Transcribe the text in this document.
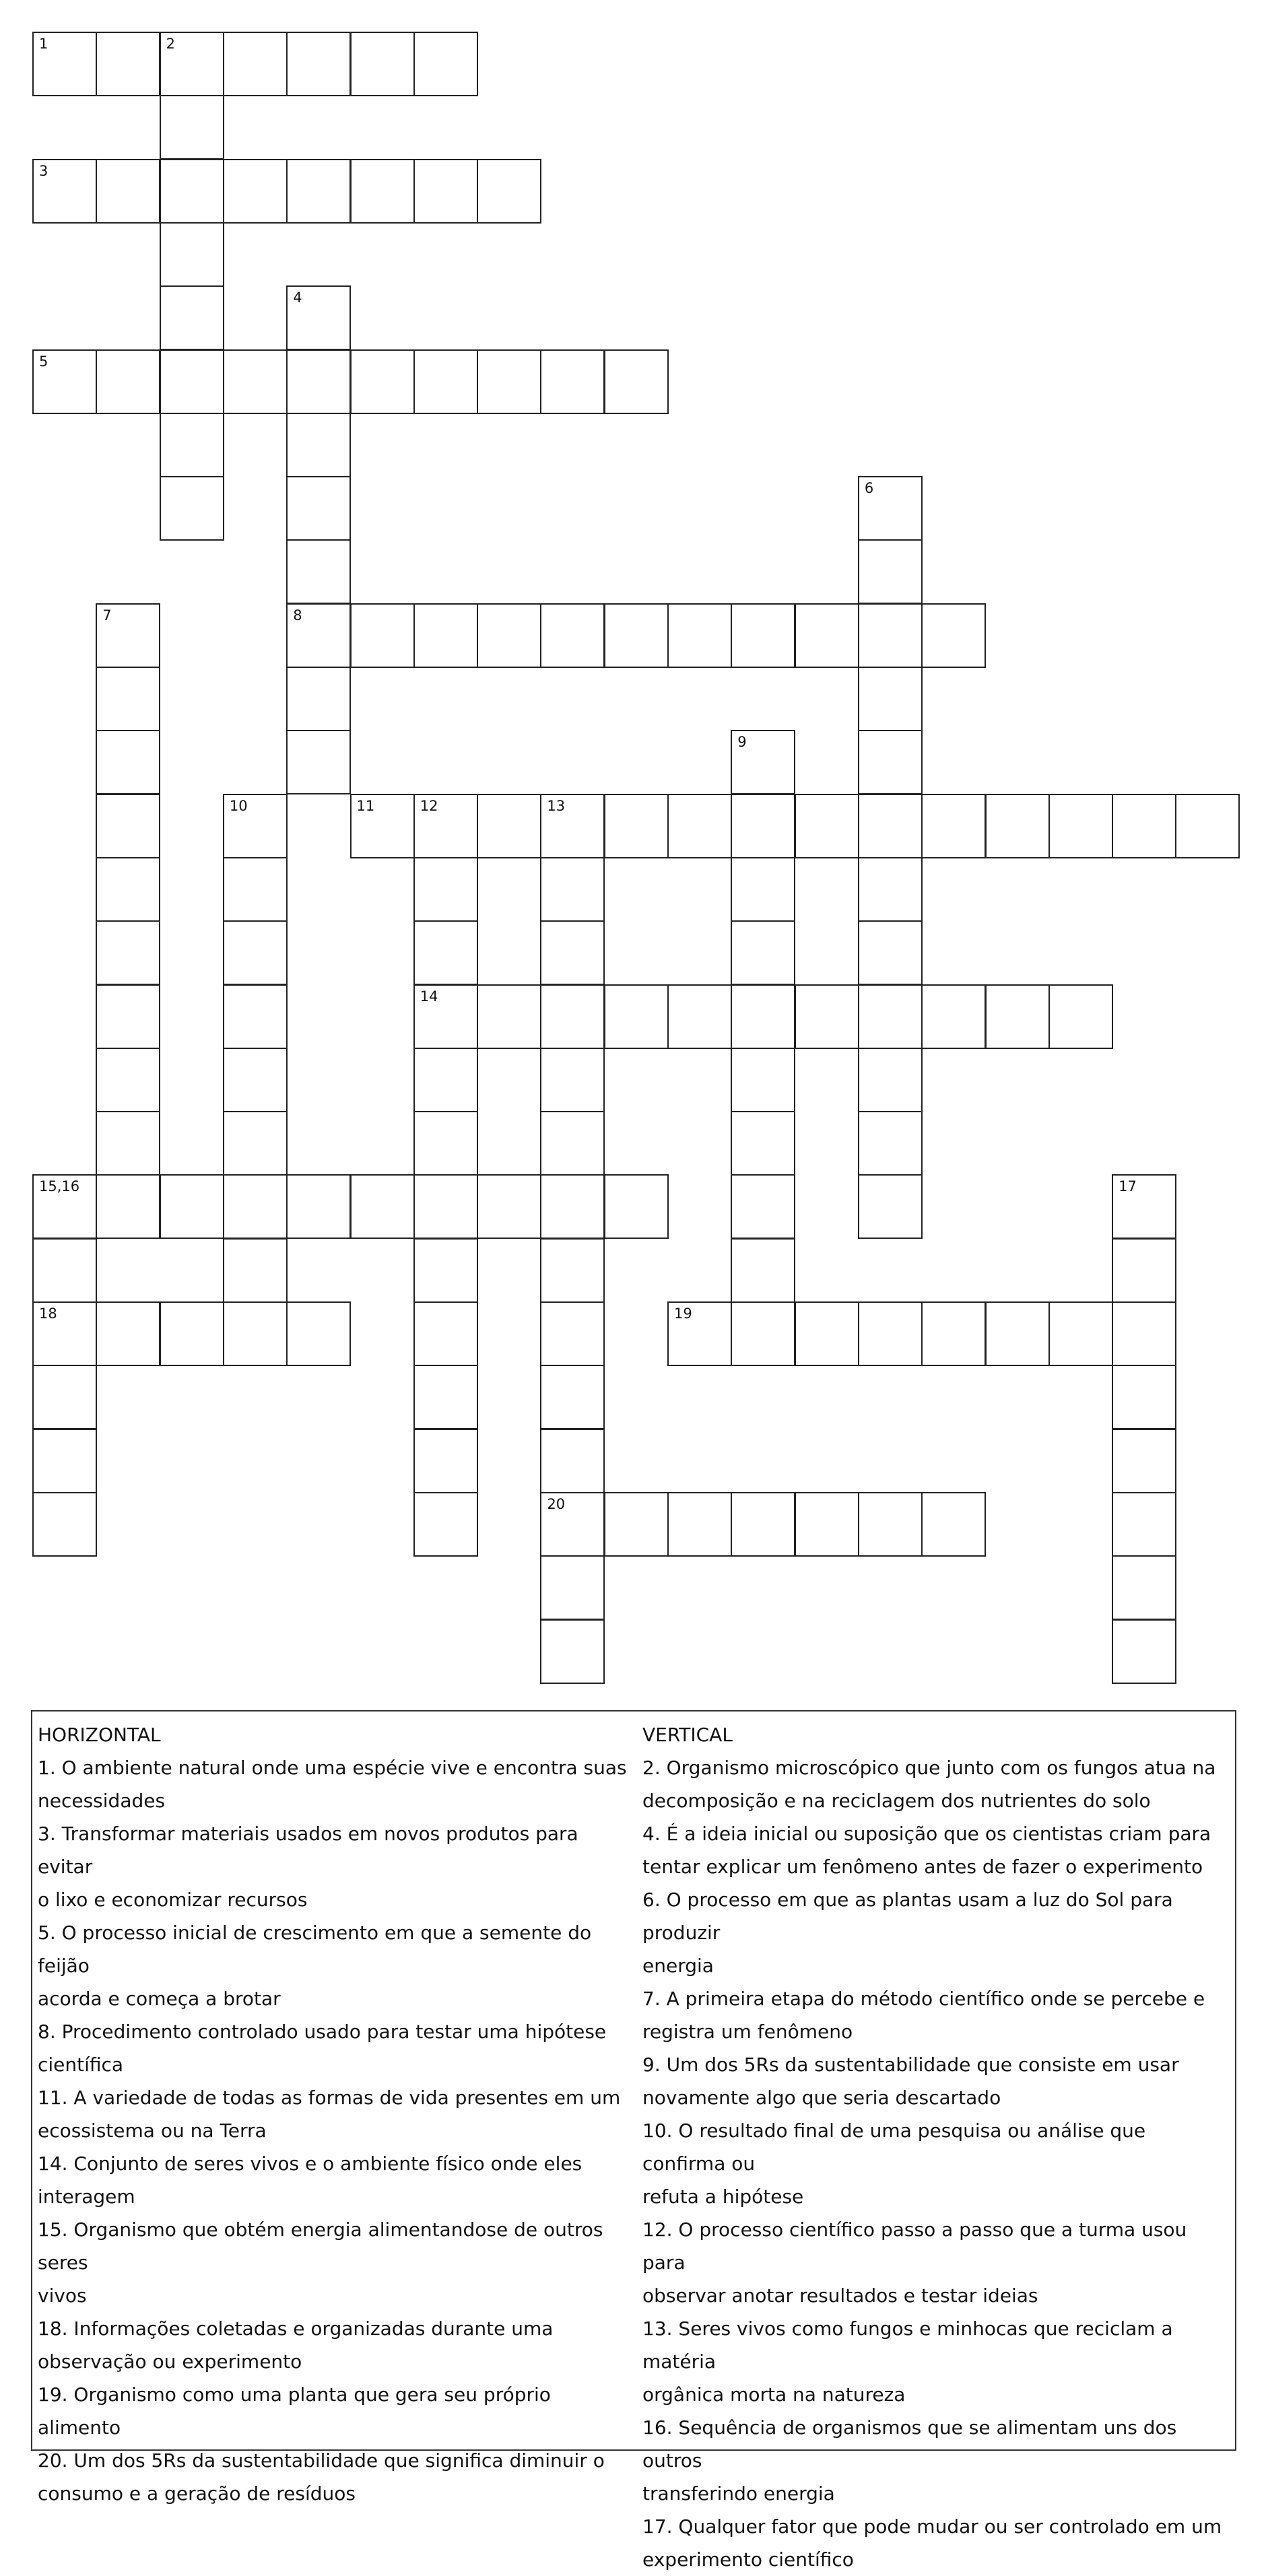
1	2
3
4
8
5
6
7
9
10	11	12	13
14
20
15,16
18
17
19
HORIZONTAL
1. O ambiente natural onde uma espécie vive e encontra suas
necessidades
3. Transformar materiais usados em novos produtos para evitar
o lixo e economizar recursos
5. O processo inicial de crescimento em que a semente do feijão
acorda e começa a brotar
8. Procedimento controlado usado para testar uma hipótese
científica
11. A variedade de todas as formas de vida presentes em um
ecossistema ou na Terra
14. Conjunto de seres vivos e o ambiente físico onde eles
interagem
15. Organismo que obtém energia alimentandose de outros seres
vivos
18. Informações coletadas e organizadas durante uma
observação ou experimento
19. Organismo como uma planta que gera seu próprio alimento
20. Um dos 5Rs da sustentabilidade que significa diminuir o
consumo e a geração de resíduos
VERTICAL
2. Organismo microscópico que junto com os fungos atua na
decomposição e na reciclagem dos nutrientes do solo
4. É a ideia inicial ou suposição que os cientistas criam para
tentar explicar um fenômeno antes de fazer o experimento
6. O processo em que as plantas usam a luz do Sol para produzir
energia
7. A primeira etapa do método científico onde se percebe e
registra um fenômeno
9. Um dos 5Rs da sustentabilidade que consiste em usar
novamente algo que seria descartado
10. O resultado final de uma pesquisa ou análise que confirma ou
refuta a hipótese
12. O processo científico passo a passo que a turma usou para
observar anotar resultados e testar ideias
13. Seres vivos como fungos e minhocas que reciclam a matéria
orgânica morta na natureza
16. Sequência de organismos que se alimentam uns dos outros
transferindo energia
17. Qualquer fator que pode mudar ou ser controlado em um
experimento científico
